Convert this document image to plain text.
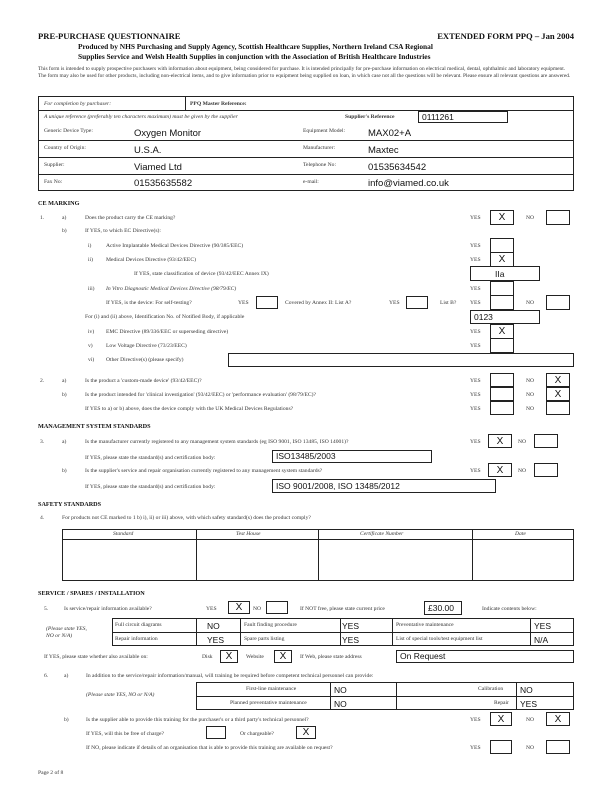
PRE-PURCHASE QUESTIONNAIRE	EXTENDED FORM PPQ – Jan 2004
Produced by NHS Purchasing and Supply Agency, Scottish Healthcare Supplies, Northern Ireland CSA Regional
Supplies Service and Welsh Health Supplies in conjunction with the Association of British Healthcare Industries
This form is intended to supply prospective purchasers with information about equipment, being considered for purchase. It is intended principally for pre-purchase information on electrical medical, dental, ophthalmic and laboratory equipment. The form may also be used for other products, including non-electrical items, and to give information prior to equipment being supplied on loan, in which case not all the questions will be relevant. Please ensure all relevant questions are answered.
For completion by purchaser:	PPQ Master Reference:
A unique reference (preferably ten characters maximum) must be given by the supplier	Supplier's Reference	0111261
Generic Device Type:	Oxygen Monitor	Equipment Model: MAX02+A
Country of Origin:	U.S.A.	Manufacturer:	Maxtec
Supplier:	Viamed Ltd	Telephone No:	01535634542
Fax No:	01535635582	e-mail:	info@viamed.co.uk
CE MARKING
1.	a)	Does the product carry the CE marking?	YES	X	NO
b)	If YES, to which EC Directive(s):
i)	Active Implantable Medical Devices Directive (90/385/EEC)	YES
ii) Medical Devices Directive (93/42/EEC)	YES	X
If YES, state classification of device (93/42/EEC Annex IX)	IIa
iii) In Vitro Diagnostic Medical Devices Directive (98/79/EC)	YES
If YES, is the device: For self-testing?	YES	Covered by Annex II: List A?	YES	List B? YES	NO
For (i) and (ii) above, Identification No. of Notified Body, if applicable	0123
iv) EMC Directive (89/336/EEC or superseding directive)	YES	X
v) Low Voltage Directive (73/23/EEC)	YES
vi) Other Directive(s) (please specify)
2.	a)	Is the product a 'custom-made device' (93/42/EEC)?	YES	NO	X
b)	Is the product intended for 'clinical investigation' (93/42/EEC) or 'performance evaluation' (98/79/EC)?	YES	NO	X
If YES to a) or b) above, does the device comply with the UK Medical Devices Regulations?	YES	NO
MANAGEMENT SYSTEM STANDARDS
3.	a)	Is the manufacturer currently registered to any management system standards (eg ISO 9001, ISO 13485, ISO 14001)?	YES	X	NO
If YES, please state the standard(s) and certification body:	ISO13485/2003
b)	Is the supplier's service and repair organisation currently registered to any management system standards?	YES	X	NO
If YES, please state the standard(s) and certification body:	ISO 9001/2008, ISO 13485/2012
SAFETY STANDARDS
4.	For products not CE marked to 1 b) i), ii) or iii) above, with which safety standard(s) does the product comply?
Standard	Test House	Certificate Number	Date
SERVICE / SPARES / INSTALLATION
5.	Is service/repair information available?	YES	X	NO	If NOT free, please state current price	£30.00	Indicate contents below:
(Please state YES, NO or N/A)
Full circuit diagrams	NO	Fault finding procedure	YES	Preventative maintenance	YES
Repair information	YES	Spare parts listing	YES	List of special tools/test equipment list	N/A
If YES, please state whether also available on:	Disk	X	Website	X	If Web, please state address	On Request
6.	a)	In addition to the service/repair information/manual, will training be required before competent technical personnel can provide:
(Please state YES, NO or N/A)
First-line maintenance	NO	Calibration NO
Planned preventative maintenance	NO	Repair YES
b)	Is the supplier able to provide this training for the purchaser's or a third party's technical personnel?	YES	X	NO	X
If YES, will this be free of charge?	Or chargeable?	X
If NO, please indicate if details of an organisation that is able to provide this training are available on request?	YES	NO
Page 2 of 8
